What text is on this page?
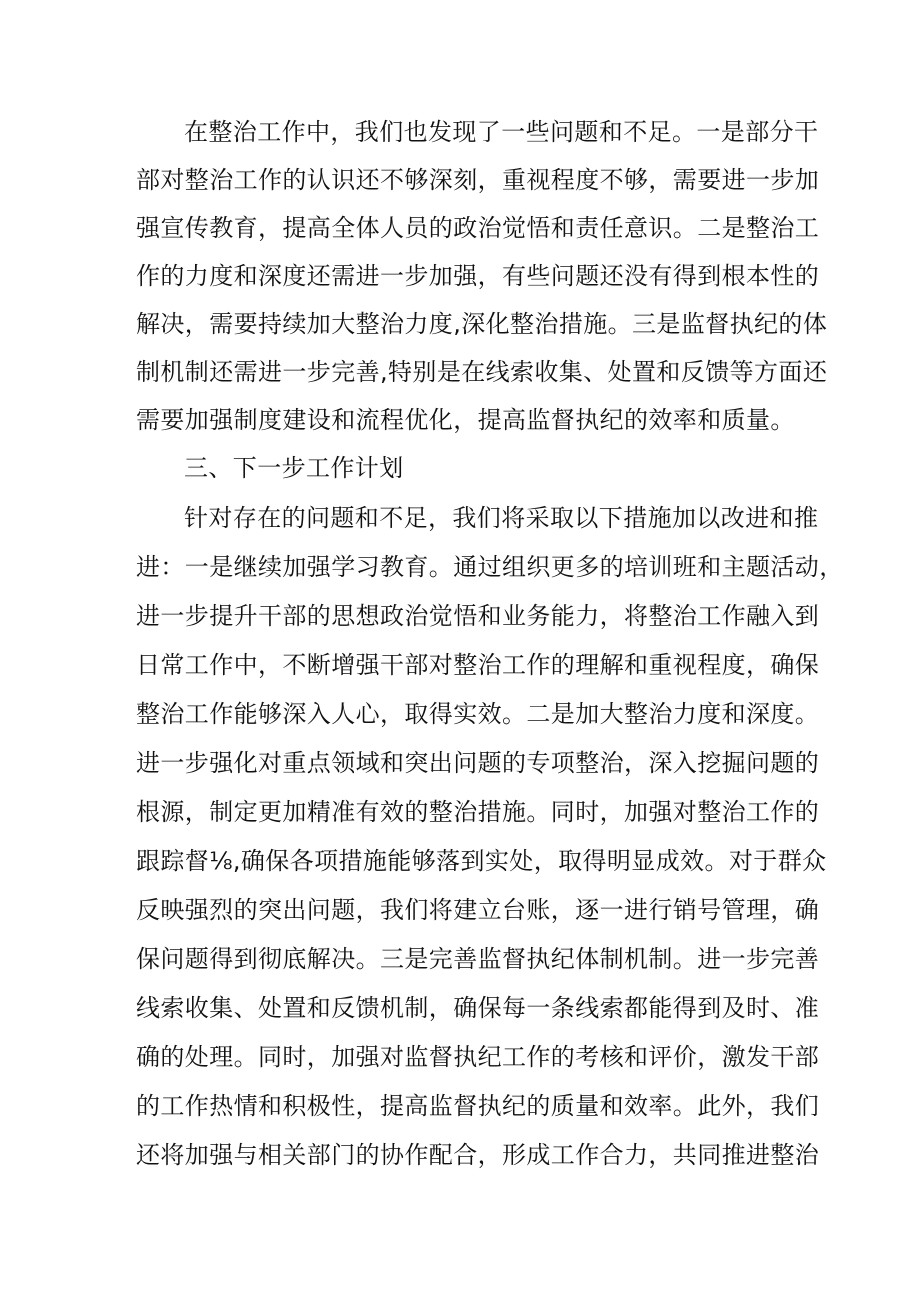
在整治工作中，我们也发现了一些问题和不足。一是部分干
部对整治工作的认识还不够深刻，重视程度不够，需要进一步加
强宣传教育，提高全体人员的政治觉悟和责任意识。二是整治工
作的力度和深度还需进一步加强，有些问题还没有得到根本性的
解决，需要持续加大整治力度,深化整治措施。三是监督执纪的体
制机制还需进一步完善,特别是在线索收集、处置和反馈等方面还
需要加强制度建设和流程优化，提高监督执纪的效率和质量。
三、下一步工作计划
针对存在的问题和不足，我们将采取以下措施加以改进和推
进：一是继续加强学习教育。通过组织更多的培训班和主题活动，
进一步提升干部的思想政治觉悟和业务能力，将整治工作融入到
日常工作中，不断增强干部对整治工作的理解和重视程度，确保
整治工作能够深入人心，取得实效。二是加大整治力度和深度。
进一步强化对重点领域和突出问题的专项整治，深入挖掘问题的
根源，制定更加精准有效的整治措施。同时，加强对整治工作的
跟踪督⅛,确保各项措施能够落到实处，取得明显成效。对于群众
反映强烈的突出问题，我们将建立台账，逐一进行销号管理，确
保问题得到彻底解决。三是完善监督执纪体制机制。进一步完善
线索收集、处置和反馈机制，确保每一条线索都能得到及时、准
确的处理。同时，加强对监督执纪工作的考核和评价，激发干部
的工作热情和积极性，提高监督执纪的质量和效率。此外，我们
还将加强与相关部门的协作配合，形成工作合力，共同推进整治
